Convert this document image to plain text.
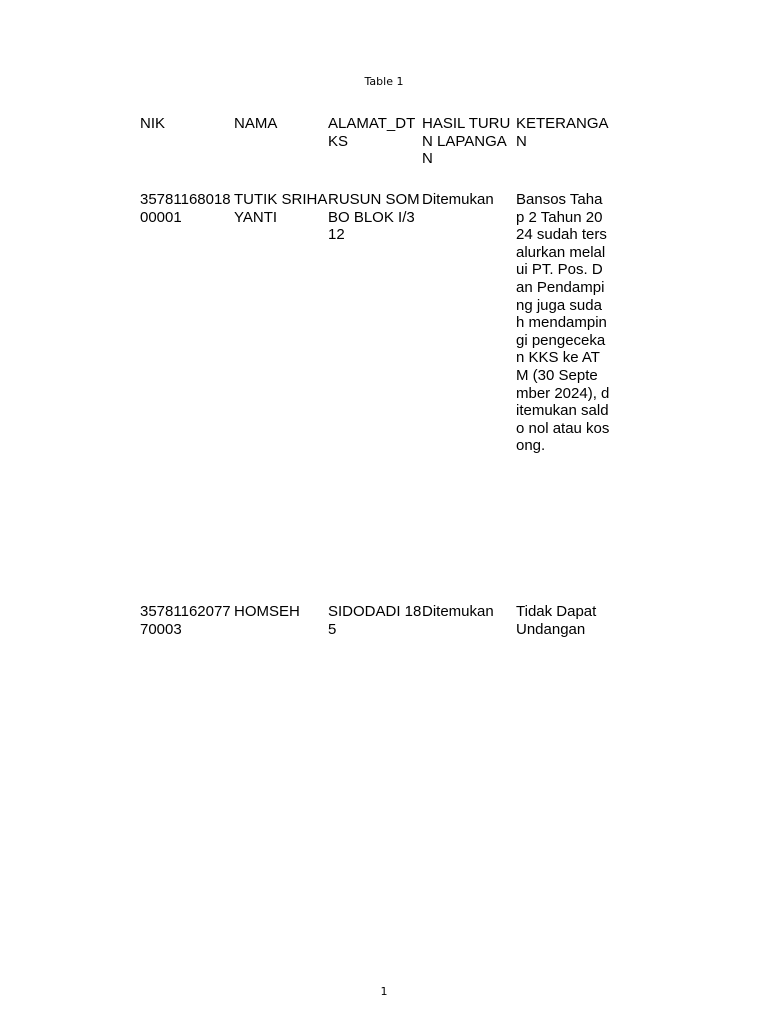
Table 1
NIK	NAMA	ALAMAT_DTKS	HASIL TURUN LAPANGAN	KETERANGAN
3578116801800001	TUTIK SRIHAYANTI	RUSUN SOMBO BLOK I/312	Ditemukan	Bansos Tahap 2 Tahun 2024 sudah tersalurkan melalui PT. Pos. Dan Pendamping juga sudah mendampingi pengecekan KKS ke ATM (30 September 2024), ditemukan saldo nol atau kosong.
3578116207770003	HOMSEH	SIDODADI 185	Ditemukan	Tidak Dapat Undangan
1
